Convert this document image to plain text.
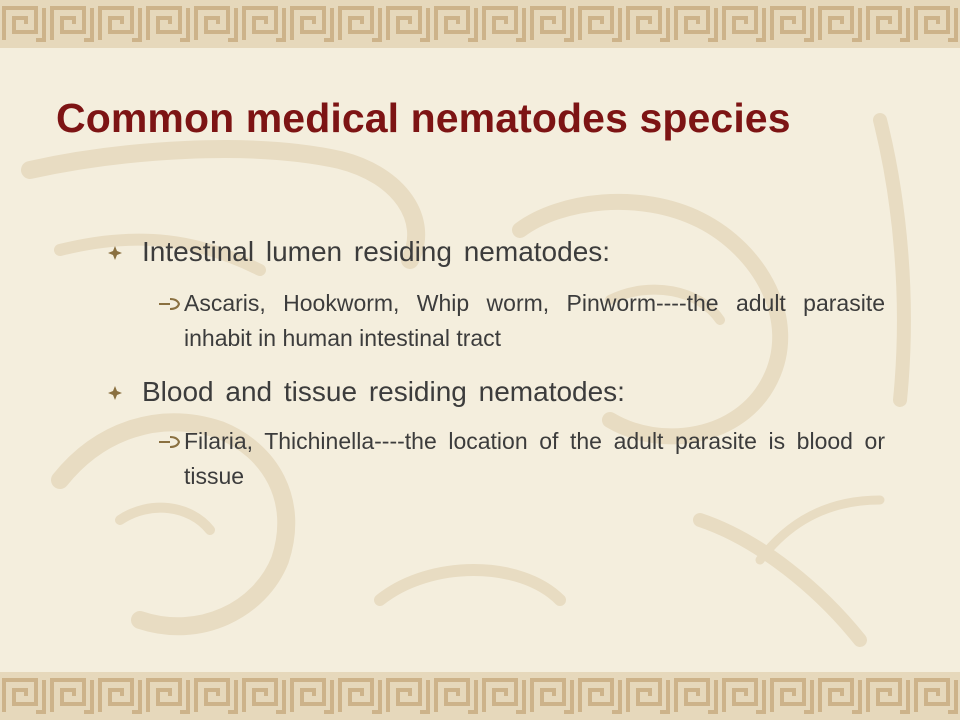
Common medical nematodes species
Intestinal lumen residing nematodes:
Ascaris, Hookworm, Whip worm, Pinworm----the adult parasite inhabit in human intestinal tract
Blood and tissue residing nematodes:
Filaria, Thichinella----the location of the adult parasite is blood or tissue
